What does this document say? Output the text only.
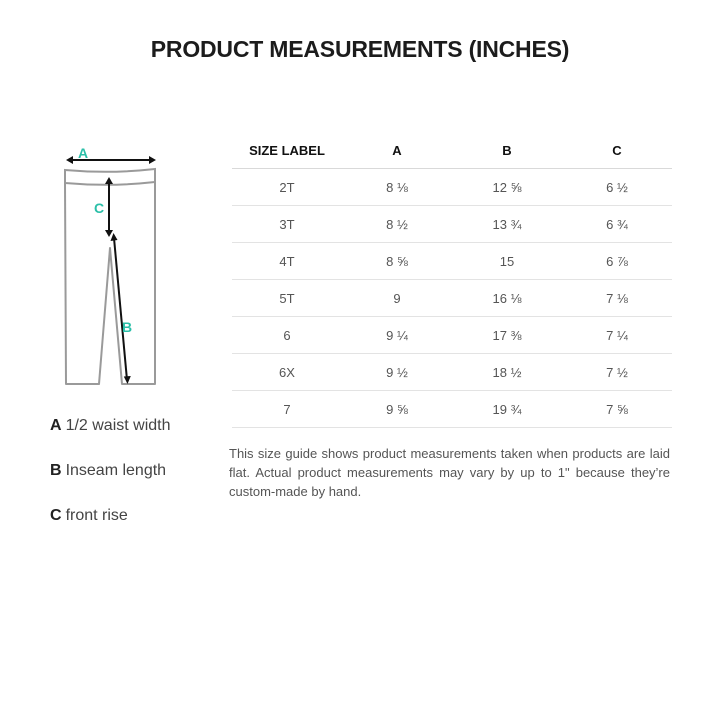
PRODUCT MEASUREMENTS (INCHES)
A
C
B
A 1/2 waist width
B Inseam length
C front rise
SIZE LABEL	A	B	C
2T	8 ⅛	12 ⅝	6 ½
3T	8 ½	13 ¾	6 ¾
4T	8 ⅝	15	6 ⅞
5T	9	16 ⅛	7 ⅛
6	9 ¼	17 ⅜	7 ¼
6X	9 ½	18 ½	7 ½
7	9 ⅝	19 ¾	7 ⅝
This size guide shows product measurements taken when products are laid flat. Actual product measurements may vary by up to 1" because they’re custom-made by hand.
